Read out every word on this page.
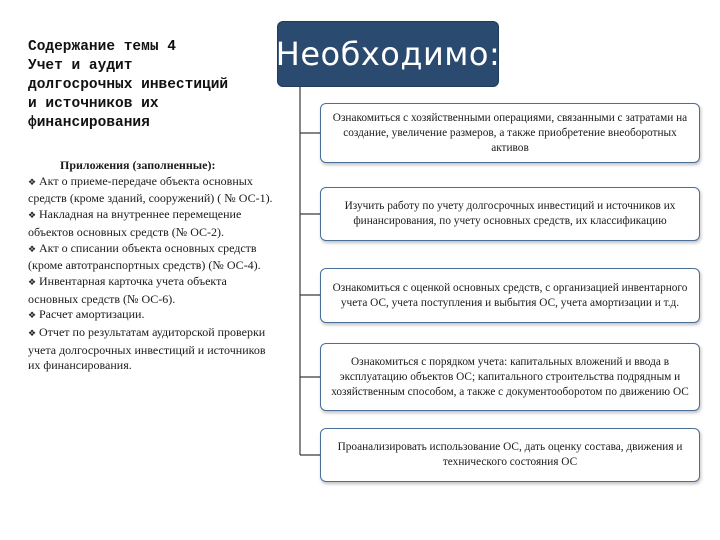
Содержание темы 4
Учет и аудит
долгосрочных инвестиций
и источников их
финансирования
Приложения (заполненные):
❖ Акт о приеме-передаче объекта основных средств (кроме зданий, сооружений) ( № ОС-1).
❖ Накладная на внутреннее перемещение объектов основных средств (№ ОС-2).
❖ Акт о списании объекта основных средств (кроме автотранспортных средств) (№ ОС-4).
❖ Инвентарная карточка учета объекта основных средств (№ ОС-6).
❖ Расчет амортизации.
❖ Отчет по результатам аудиторской проверки учета долгосрочных инвестиций и источников их финансирования.
Необходимо:
Ознакомиться с хозяйственными операциями, связанными с затратами на создание, увеличение размеров, а также приобретение внеоборотных активов
Изучить работу по учету долгосрочных инвестиций и источников их финансирования, по учету основных средств, их классификацию
Ознакомиться с оценкой основных средств, с организацией инвентарного учета ОС, учета поступления и выбытия ОС, учета амортизации и т.д.
Ознакомиться с порядком учета: капитальных вложений и ввода в эксплуатацию объектов ОС; капитального строительства подрядным и хозяйственным способом, а также с документооборотом по движению ОС
Проанализировать использование ОС, дать оценку состава, движения и технического состояния ОС
